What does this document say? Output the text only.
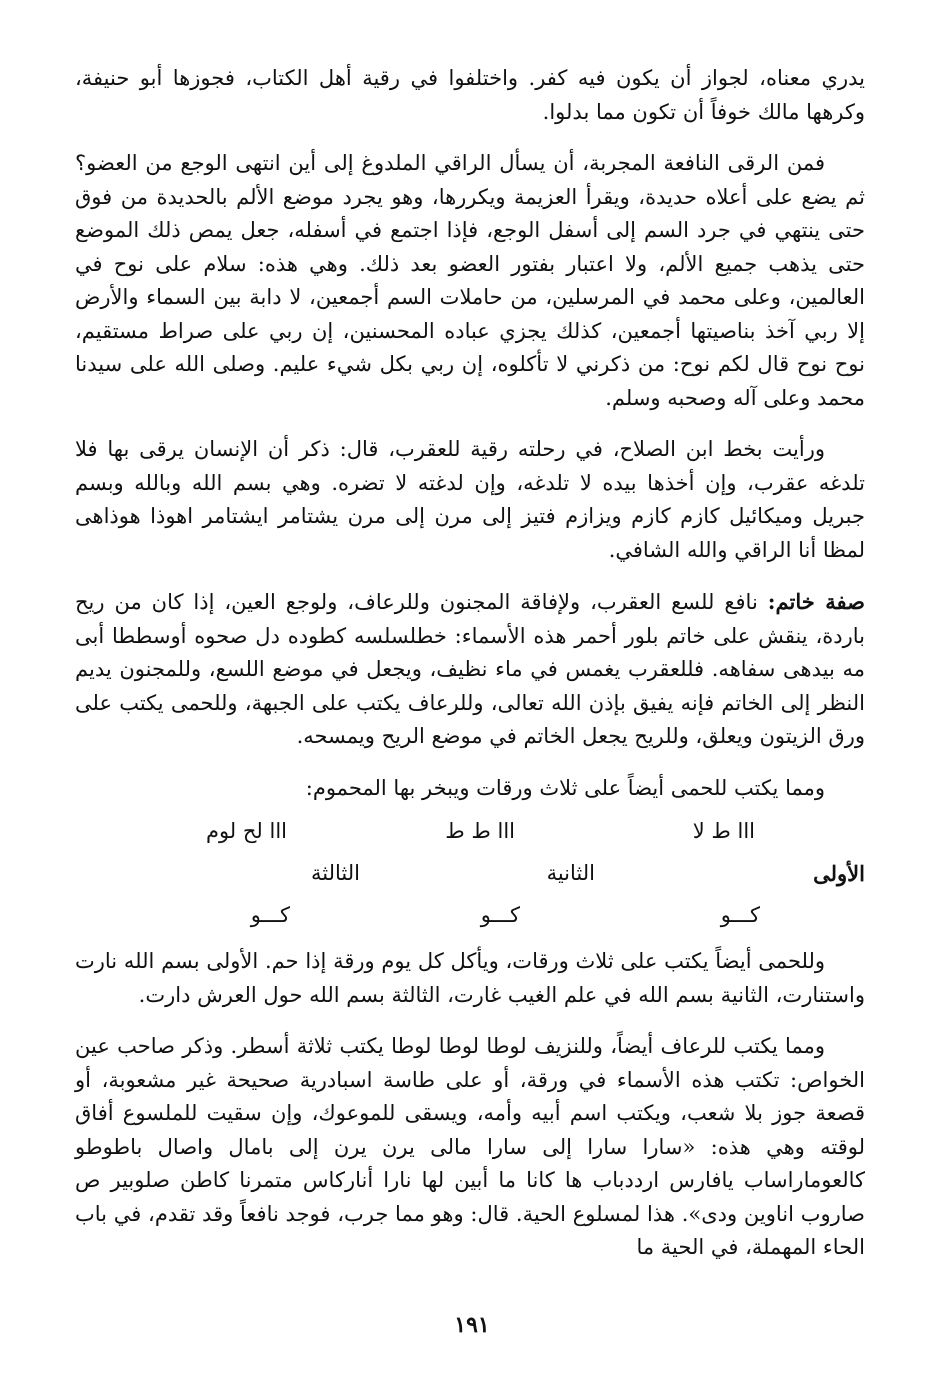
يدري معناه، لجواز أن يكون فيه كفر. واختلفوا في رقية أهل الكتاب، فجوزها أبو حنيفة، وكرهها مالك خوفاً أن تكون مما بدلوا.

فمن الرقى النافعة المجربة، أن يسأل الراقي الملدوغ إلى أين انتهى الوجع من العضو؟ ثم يضع على أعلاه حديدة، ويقرأ العزيمة ويكررها، وهو يجرد موضع الألم بالحديدة من فوق حتى ينتهي في جرد السم إلى أسفل الوجع، فإذا اجتمع في أسفله، جعل يمص ذلك الموضع حتى يذهب جميع الألم، ولا اعتبار بفتور العضو بعد ذلك. وهي هذه: سلام على نوح في العالمين، وعلى محمد في المرسلين، من حاملات السم أجمعين، لا دابة بين السماء والأرض إلا ربي آخذ بناصيتها أجمعين، كذلك يجزي عباده المحسنين، إن ربي على صراط مستقيم، نوح نوح قال لكم نوح: من ذكرني لا تأكلوه، إن ربي بكل شيء عليم. وصلى الله على سيدنا محمد وعلى آله وصحبه وسلم.

ورأيت بخط ابن الصلاح، في رحلته رقية للعقرب، قال: ذكر أن الإنسان يرقى بها فلا تلدغه عقرب، وإن أخذها بيده لا تلدغه، وإن لدغته لا تضره. وهي بسم الله وبالله وبسم جبريل وميكائيل كازم كازم ويزازم فتيز إلى مرن إلى مرن يشتامر ايشتامر اهوذا هوذاهى لمظا أنا الراقي والله الشافي.

صفة خاتم: نافع للسع العقرب، ولإفاقة المجنون وللرعاف، ولوجع العين، إذا كان من ريح باردة، ينقش على خاتم بلور أحمر هذه الأسماء: خطلسلسه كطوده دل صحوه أوسططا أبى مه بيدهى سفاهه. فللعقرب يغمس في ماء نظيف، ويجعل في موضع اللسع، وللمجنون يديم النظر إلى الخاتم فإنه يفيق بإذن الله تعالى، وللرعاف يكتب على الجبهة، وللحمى يكتب على ورق الزيتون ويعلق، وللريح يجعل الخاتم في موضع الريح ويمسحه.

ومما يكتب للحمى أيضاً على ثلاث ورقات ويبخر بها المحموم:

ااا ط لا
ااا ط ط
ااا لح لوم
الأولى
الثانية
الثالثة
كـــو
كـــو
كـــو

وللحمى أيضاً يكتب على ثلاث ورقات، ويأكل كل يوم ورقة إذا حم. الأولى بسم الله نارت واستنارت، الثانية بسم الله في علم الغيب غارت، الثالثة بسم الله حول العرش دارت.

ومما يكتب للرعاف أيضاً، وللنزيف لوطا لوطا لوطا يكتب ثلاثة أسطر. وذكر صاحب عين الخواص: تكتب هذه الأسماء في ورقة، أو على طاسة اسبادرية صحيحة غير مشعوبة، أو قصعة جوز بلا شعب، ويكتب اسم أبيه وأمه، ويسقى للموعوك، وإن سقيت للملسوع أفاق لوقته وهي هذه: «سارا سارا إلى سارا مالى يرن يرن إلى بامال واصال باطوطو كالعوماراساب يافارس ارددباب ها كانا ما أبين لها نارا أناركاس متمرنا كاطن صلوبير ص صاروب اناوين ودى». هذا لمسلوع الحية. قال: وهو مما جرب، فوجد نافعاً وقد تقدم، في باب الحاء المهملة، في الحية ما

١٩١
